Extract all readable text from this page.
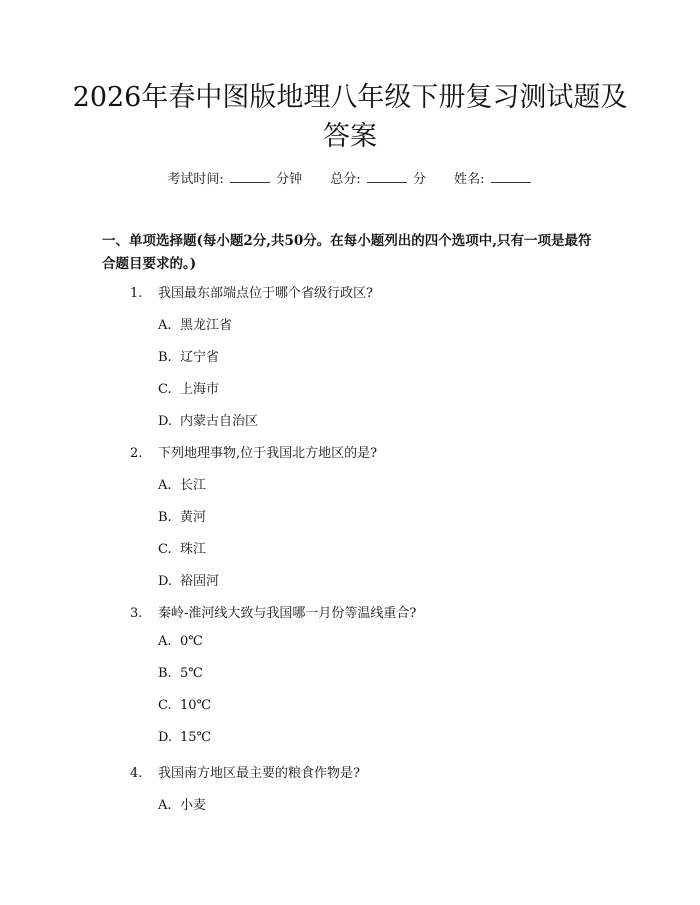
2026年春中图版地理八年级下册复习测试题及答案
考试时间:	分钟 总分:	分 姓名:

一、单项选择题(每小题2分,共50分。在每小题列出的四个选项中,只有一项是最符合题目要求的。)

1. 我国最东部端点位于哪个省级行政区?
A. 黑龙江省
B. 辽宁省
C. 上海市
D. 内蒙古自治区
2. 下列地理事物,位于我国北方地区的是?
A. 长江
B. 黄河
C. 珠江
D. 裕固河
3. 秦岭-淮河线大致与我国哪一月份等温线重合?
A. 0℃
B. 5℃
C. 10℃
D. 15℃
4. 我国南方地区最主要的粮食作物是?
A. 小麦
